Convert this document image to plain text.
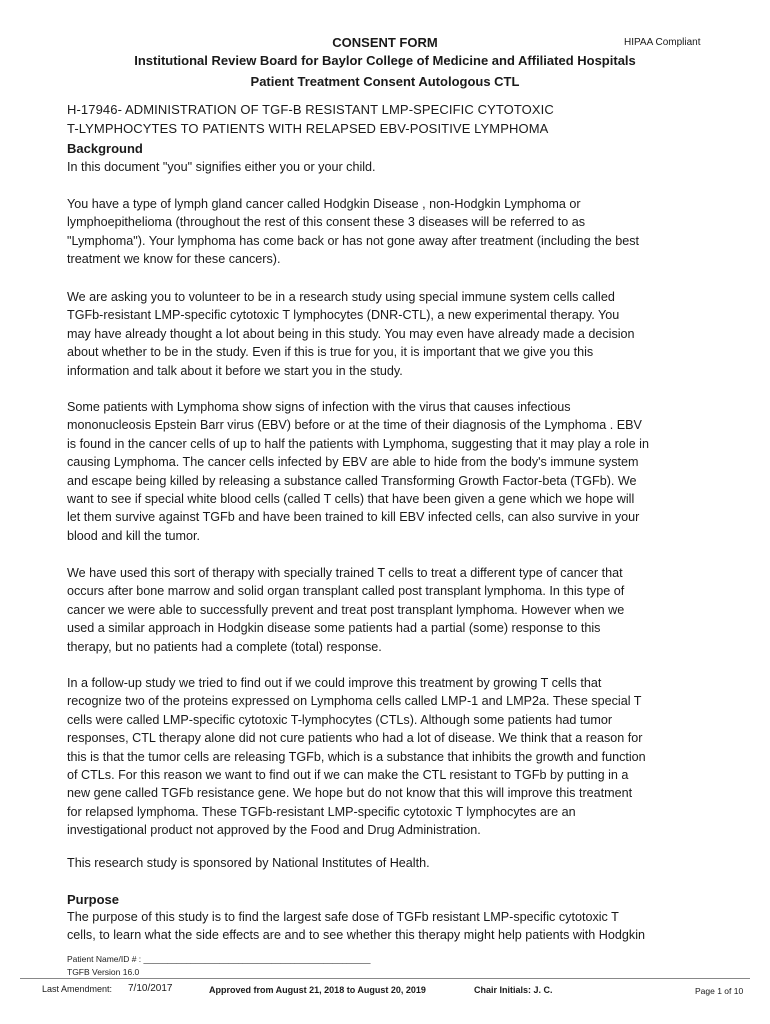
CONSENT FORM	HIPAA Compliant
Institutional Review Board for Baylor College of Medicine and Affiliated Hospitals
Patient Treatment Consent Autologous CTL
H-17946- ADMINISTRATION OF TGF-B RESISTANT LMP-SPECIFIC CYTOTOXIC
T-LYMPHOCYTES TO PATIENTS WITH RELAPSED EBV-POSITIVE LYMPHOMA
Background
In this document "you" signifies either you or your child.
You have a type of lymph gland cancer called Hodgkin Disease , non-Hodgkin Lymphoma or
lymphoepithelioma (throughout the rest of this consent these 3 diseases will be referred to as
"Lymphoma"). Your lymphoma has come back or has not gone away after treatment (including the best
treatment we know for these cancers).
We are asking you to volunteer to be in a research study using special immune system cells called
TGFb-resistant LMP-specific cytotoxic T lymphocytes (DNR-CTL), a new experimental therapy. You
may have already thought a lot about being in this study. You may even have already made a decision
about whether to be in the study. Even if this is true for you, it is important that we give you this
information and talk about it before we start you in the study.
Some patients with Lymphoma show signs of infection with the virus that causes infectious
mononucleosis Epstein Barr virus (EBV) before or at the time of their diagnosis of the Lymphoma . EBV
is found in the cancer cells of up to half the patients with Lymphoma, suggesting that it may play a role in
causing Lymphoma. The cancer cells infected by EBV are able to hide from the body's immune system
and escape being killed by releasing a substance called Transforming Growth Factor-beta (TGFb). We
want to see if special white blood cells (called T cells) that have been given a gene which we hope will
let them survive against TGFb and have been trained to kill EBV infected cells, can also survive in your
blood and kill the tumor.
We have used this sort of therapy with specially trained T cells to treat a different type of cancer that
occurs after bone marrow and solid organ transplant called post transplant lymphoma. In this type of
cancer we were able to successfully prevent and treat post transplant lymphoma. However when we
used a similar approach in Hodgkin disease some patients had a partial (some) response to this
therapy, but no patients had a complete (total) response.
In a follow-up study we tried to find out if we could improve this treatment by growing T cells that
recognize two of the proteins expressed on Lymphoma cells called LMP-1 and LMP2a. These special T
cells were called LMP-specific cytotoxic T-lymphocytes (CTLs). Although some patients had tumor
responses, CTL therapy alone did not cure patients who had a lot of disease. We think that a reason for
this is that the tumor cells are releasing TGFb, which is a substance that inhibits the growth and function
of CTLs. For this reason we want to find out if we can make the CTL resistant to TGFb by putting in a
new gene called TGFb resistance gene. We hope but do not know that this will improve this treatment
for relapsed lymphoma. These TGFb-resistant LMP-specific cytotoxic T lymphocytes are an
investigational product not approved by the Food and Drug Administration.
This research study is sponsored by National Institutes of Health.
Purpose
The purpose of this study is to find the largest safe dose of TGFb resistant LMP-specific cytotoxic T
cells, to learn what the side effects are and to see whether this therapy might help patients with Hodgkin
Patient Name/ID # : ________________________________________________
TGFB Version 16.0
Last Amendment: 7/10/2017	Approved from August 21, 2018 to August 20, 2019	Chair Initials: J. C.	Page 1 of 10
